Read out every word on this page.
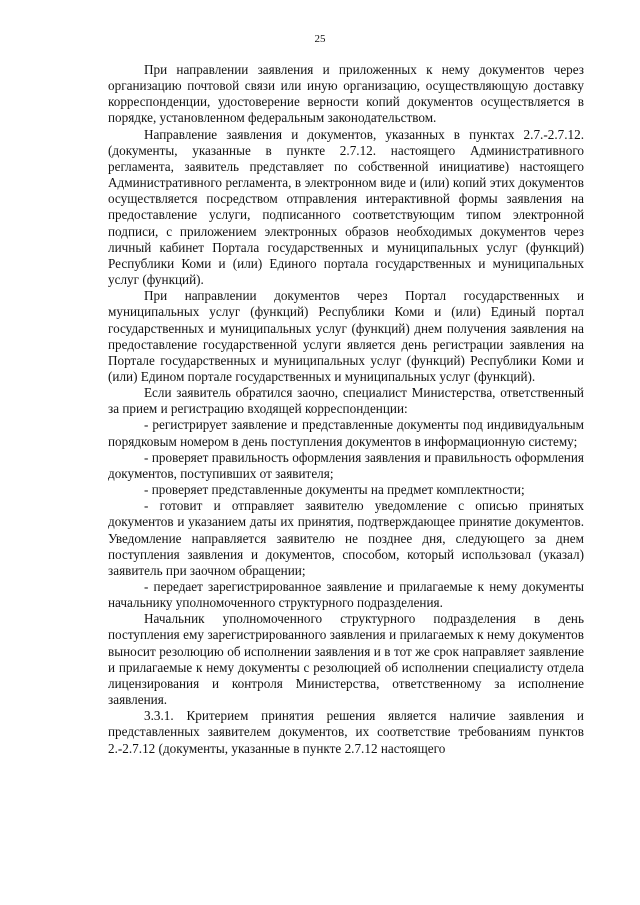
25

При направлении заявления и приложенных к нему документов через организацию почтовой связи или иную организацию, осуществляющую доставку корреспонденции, удостоверение верности копий документов осуществляется в порядке, установленном федеральным законодательством.

Направление заявления и документов, указанных в пунктах 2.7.-2.7.12. (документы, указанные в пункте 2.7.12. настоящего Административного регламента, заявитель представляет по собственной инициативе) настоящего Административного регламента, в электронном виде и (или) копий этих документов осуществляется посредством отправления интерактивной формы заявления на предоставление услуги, подписанного соответствующим типом электронной подписи, с приложением электронных образов необходимых документов через личный кабинет Портала государственных и муниципальных услуг (функций) Республики Коми и (или) Единого портала государственных и муниципальных услуг (функций).

При направлении документов через Портал государственных и муниципальных услуг (функций) Республики Коми и (или) Единый портал государственных и муниципальных услуг (функций) днем получения заявления на предоставление государственной услуги является день регистрации заявления на Портале государственных и муниципальных услуг (функций) Республики Коми и (или) Едином портале государственных и муниципальных услуг (функций).

Если заявитель обратился заочно, специалист Министерства, ответственный за прием и регистрацию входящей корреспонденции:

- регистрирует заявление и представленные документы под индивидуальным порядковым номером в день поступления документов в информационную систему;

- проверяет правильность оформления заявления и правильность оформления документов, поступивших от заявителя;

- проверяет представленные документы на предмет комплектности;

- готовит и отправляет заявителю уведомление с описью принятых документов и указанием даты их принятия, подтверждающее принятие документов. Уведомление направляется заявителю не позднее дня, следующего за днем поступления заявления и документов, способом, который использовал (указал) заявитель при заочном обращении;

- передает зарегистрированное заявление и прилагаемые к нему документы начальнику уполномоченного структурного подразделения.

Начальник уполномоченного структурного подразделения в день поступления ему зарегистрированного заявления и прилагаемых к нему документов выносит резолюцию об исполнении заявления и в тот же срок направляет заявление и прилагаемые к нему документы с резолюцией об исполнении специалисту отдела лицензирования и контроля Министерства, ответственному за исполнение заявления.

3.3.1. Критерием принятия решения является наличие заявления и представленных заявителем документов, их соответствие требованиям пунктов 2.-2.7.12 (документы, указанные в пункте 2.7.12 настоящего
